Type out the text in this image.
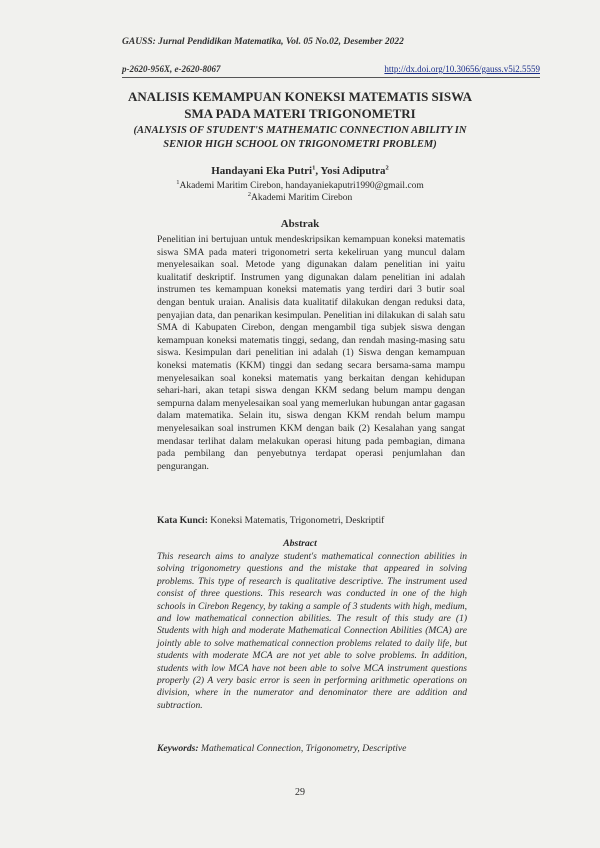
GAUSS: Jurnal Pendidikan Matematika, Vol. 05 No.02, Desember 2022
p-2620-956X, e-2620-8067	http://dx.doi.org/10.30656/gauss.v5i2.5559
ANALISIS KEMAMPUAN KONEKSI MATEMATIS SISWA
SMA PADA MATERI TRIGONOMETRI
(ANALYSIS OF STUDENT'S MATHEMATIC CONNECTION ABILITY IN
SENIOR HIGH SCHOOL ON TRIGONOMETRI PROBLEM)
Handayani Eka Putri$^1$, Yosi Adiputra$^2$
$^1$Akademi Maritim Cirebon, handayaniekaputri1990@gmail.com
$^2$Akademi Maritim Cirebon
Abstrak

Penelitian ini bertujuan untuk mendeskripsikan kemampuan koneksi matematis siswa SMA pada materi trigonometri serta kekeliruan yang muncul dalam menyelesaikan soal. Metode yang digunakan dalam penelitian ini yaitu kualitatif deskriptif. Instrumen yang digunakan dalam penelitian ini adalah instrumen tes kemampuan koneksi matematis yang terdiri dari 3 butir soal dengan bentuk uraian. Analisis data kualitatif dilakukan dengan reduksi data, penyajian data, dan penarikan kesimpulan. Penelitian ini dilakukan di salah satu SMA di Kabupaten Cirebon, dengan mengambil tiga subjek siswa dengan kemampuan koneksi matematis tinggi, sedang, dan rendah masing-masing satu siswa. Kesimpulan dari penelitian ini adalah (1) Siswa dengan kemampuan koneksi matematis (KKM) tinggi dan sedang secara bersama-sama mampu menyelesaikan soal koneksi matematis yang berkaitan dengan kehidupan sehari-hari, akan tetapi siswa dengan KKM sedang belum mampu dengan sempurna dalam menyelesaikan soal yang memerlukan hubungan antar gagasan dalam matematika. Selain itu, siswa dengan KKM rendah belum mampu menyelesaikan soal instrumen KKM dengan baik (2) Kesalahan yang sangat mendasar terlihat dalam melakukan operasi hitung pada pembagian, dimana pada pembilang dan penyebutnya terdapat operasi penjumlahan dan pengurangan.

Kata Kunci: Koneksi Matematis, Trigonometri, Deskriptif
Abstract

This research aims to analyze student's mathematical connection abilities in solving trigonometry questions and the mistake that appeared in solving problems. This type of research is qualitative descriptive. The instrument used consist of three questions. This research was conducted in one of the high schools in Cirebon Regency, by taking a sample of 3 students with high, medium, and low mathematical connection abilities. The result of this study are (1) Students with high and moderate Mathematical Connection Abilities (MCA) are jointly able to solve mathematical connection problems related to daily life, but students with moderate MCA are not yet able to solve problems. In addition, students with low MCA have not been able to solve MCA instrument questions properly (2) A very basic error is seen in performing arithmetic operations on division, where in the numerator and denominator there are addition and subtraction.

Keywords: Mathematical Connection, Trigonometry, Descriptive
29
